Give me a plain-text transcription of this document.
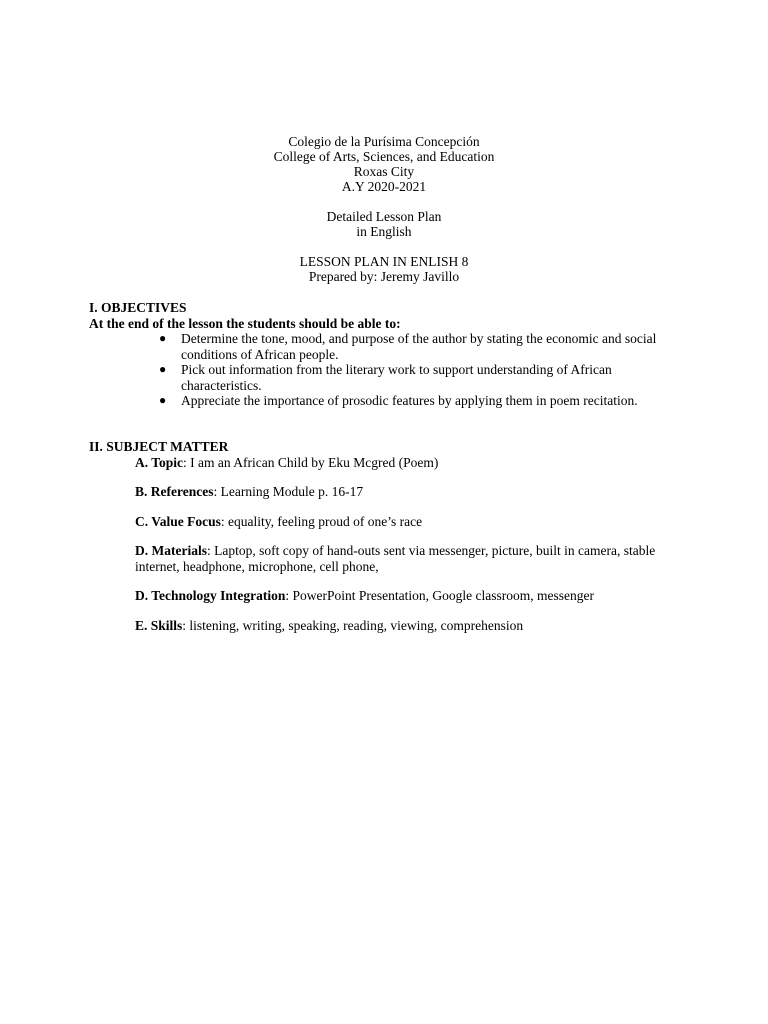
Colegio de la Purísima Concepción
College of Arts, Sciences, and Education
Roxas City
A.Y 2020-2021
Detailed Lesson Plan
in English
LESSON PLAN IN ENLISH 8
Prepared by: Jeremy Javillo
I. OBJECTIVES
At the end of the lesson the students should be able to:
● Determine the tone, mood, and purpose of the author by stating the economic and social conditions of African people.
● Pick out information from the literary work to support understanding of African characteristics.
● Appreciate the importance of prosodic features by applying them in poem recitation.
II. SUBJECT MATTER
A. Topic: I am an African Child by Eku Mcgred (Poem)
B. References: Learning Module p. 16-17
C. Value Focus: equality, feeling proud of one’s race
D. Materials: Laptop, soft copy of hand-outs sent via messenger, picture, built in camera, stable internet, headphone, microphone, cell phone,
D. Technology Integration: PowerPoint Presentation, Google classroom, messenger
E. Skills: listening, writing, speaking, reading, viewing, comprehension
